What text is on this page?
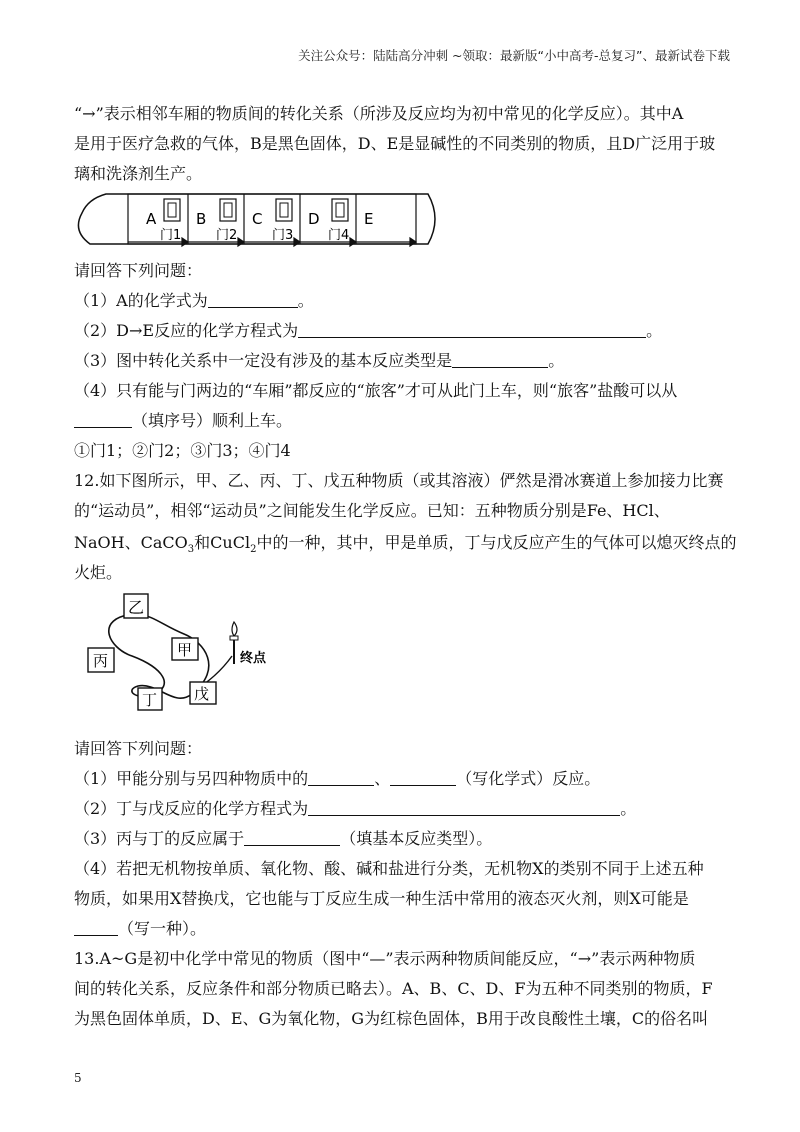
关注公众号：陆陆高分冲刺 ~领取：最新版“小中高考-总复习”、最新试卷下载
“→”表示相邻车厢的物质间的转化关系（所涉及反应均为初中常见的化学反应）。其中A
是用于医疗急救的气体，B是黑色固体，D、E是显碱性的不同类别的物质，且D广泛用于玻
璃和洗涤剂生产。
A	B	C	D	E
门1	门2	门3	门4
请回答下列问题：
（1）A的化学式为	。
（2）D→E反应的化学方程式为	。
（3）图中转化关系中一定没有涉及的基本反应类型是	。
（4）只有能与门两边的“车厢”都反应的“旅客”才可从此门上车，则“旅客”盐酸可以从
（填序号）顺利上车。
①门1；②门2；③门3；④门4
12.如下图所示，甲、乙、丙、丁、戊五种物质（或其溶液）俨然是滑冰赛道上参加接力比赛
的“运动员”，相邻“运动员”之间能发生化学反应。已知：五种物质分别是Fe、HCl、
NaOH、CaCO$_3$和CuCl$_2$中的一种，其中，甲是单质，丁与戊反应产生的气体可以熄灭终点的
火炬。
乙
甲
丙
丁 戊
终点
请回答下列问题：
（1）甲能分别与另四种物质中的	、	（写化学式）反应。
（2）丁与戊反应的化学方程式为	。
（3）丙与丁的反应属于	（填基本反应类型）。
（4）若把无机物按单质、氧化物、酸、碱和盐进行分类，无机物X的类别不同于上述五种
物质，如果用X替换戊，它也能与丁反应生成一种生活中常用的液态灭火剂，则X可能是
（写一种）。
13.A~G是初中化学中常见的物质（图中“—”表示两种物质间能反应，“→”表示两种物质
间的转化关系，反应条件和部分物质已略去）。A、B、C、D、F为五种不同类别的物质，F
为黑色固体单质，D、E、G为氧化物，G为红棕色固体，B用于改良酸性土壤，C的俗名叫
5
